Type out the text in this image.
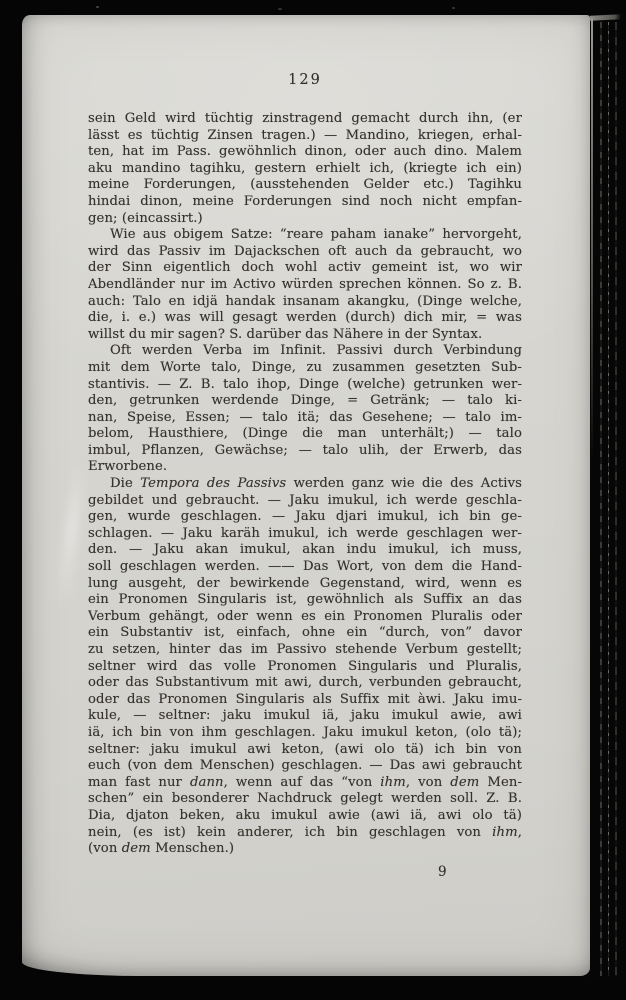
129
sein Geld wird tüchtig zinstragend gemacht durch ihn, (er
lässt es tüchtig Zinsen tragen.) — Mandino, kriegen, erhal-
ten, hat im Pass. gewöhnlich dinon, oder auch dino. Malem
aku mandino tagihku, gestern erhielt ich, (kriegte ich ein)
meine Forderungen, (ausstehenden Gelder etc.) Tagihku
hindai dinon, meine Forderungen sind noch nicht empfan-
gen; (eincassirt.)
Wie aus obigem Satze: “reare paham ianake” hervorgeht,
wird das Passiv im Dajackschen oft auch da gebraucht, wo
der Sinn eigentlich doch wohl activ gemeint ist, wo wir
Abendländer nur im Activo würden sprechen können. So z. B.
auch: Talo en idjä handak insanam akangku, (Dinge welche,
die, i. e.) was will gesagt werden (durch) dich mir, = was
willst du mir sagen? S. darüber das Nähere in der Syntax.
Oft werden Verba im Infinit. Passivi durch Verbindung
mit dem Worte talo, Dinge, zu zusammen gesetzten Sub-
stantivis. — Z. B. talo ihop, Dinge (welche) getrunken wer-
den, getrunken werdende Dinge, = Getränk; — talo ki-
nan, Speise, Essen; — talo itä; das Gesehene; — talo im-
belom, Hausthiere, (Dinge die man unterhält;) — talo
imbul, Pflanzen, Gewächse; — talo ulih, der Erwerb, das
Erworbene.
Die Tempora des Passivs werden ganz wie die des Activs
gebildet und gebraucht. — Jaku imukul, ich werde geschla-
gen, wurde geschlagen. — Jaku djari imukul, ich bin ge-
schlagen. — Jaku karäh imukul, ich werde geschlagen wer-
den. — Jaku akan imukul, akan indu imukul, ich muss,
soll geschlagen werden. —— Das Wort, von dem die Hand-
lung ausgeht, der bewirkende Gegenstand, wird, wenn es
ein Pronomen Singularis ist, gewöhnlich als Suffix an das
Verbum gehängt, oder wenn es ein Pronomen Pluralis oder
ein Substantiv ist, einfach, ohne ein “durch, von” davor
zu setzen, hinter das im Passivo stehende Verbum gestellt;
seltner wird das volle Pronomen Singularis und Pluralis,
oder das Substantivum mit awi, durch, verbunden gebraucht,
oder das Pronomen Singularis als Suffix mit àwi. Jaku imu-
kule, — seltner: jaku imukul iä, jaku imukul awie, awi
iä, ich bin von ihm geschlagen. Jaku imukul keton, (olo tä);
seltner: jaku imukul awi keton, (awi olo tä) ich bin von
euch (von dem Menschen) geschlagen. — Das awi gebraucht
man fast nur dann, wenn auf das “von ihm, von dem Men-
schen” ein besonderer Nachdruck gelegt werden soll. Z. B.
Dia, djaton beken, aku imukul awie (awi iä, awi olo tä)
nein, (es ist) kein anderer, ich bin geschlagen von ihm,
(von dem Menschen.)
9
